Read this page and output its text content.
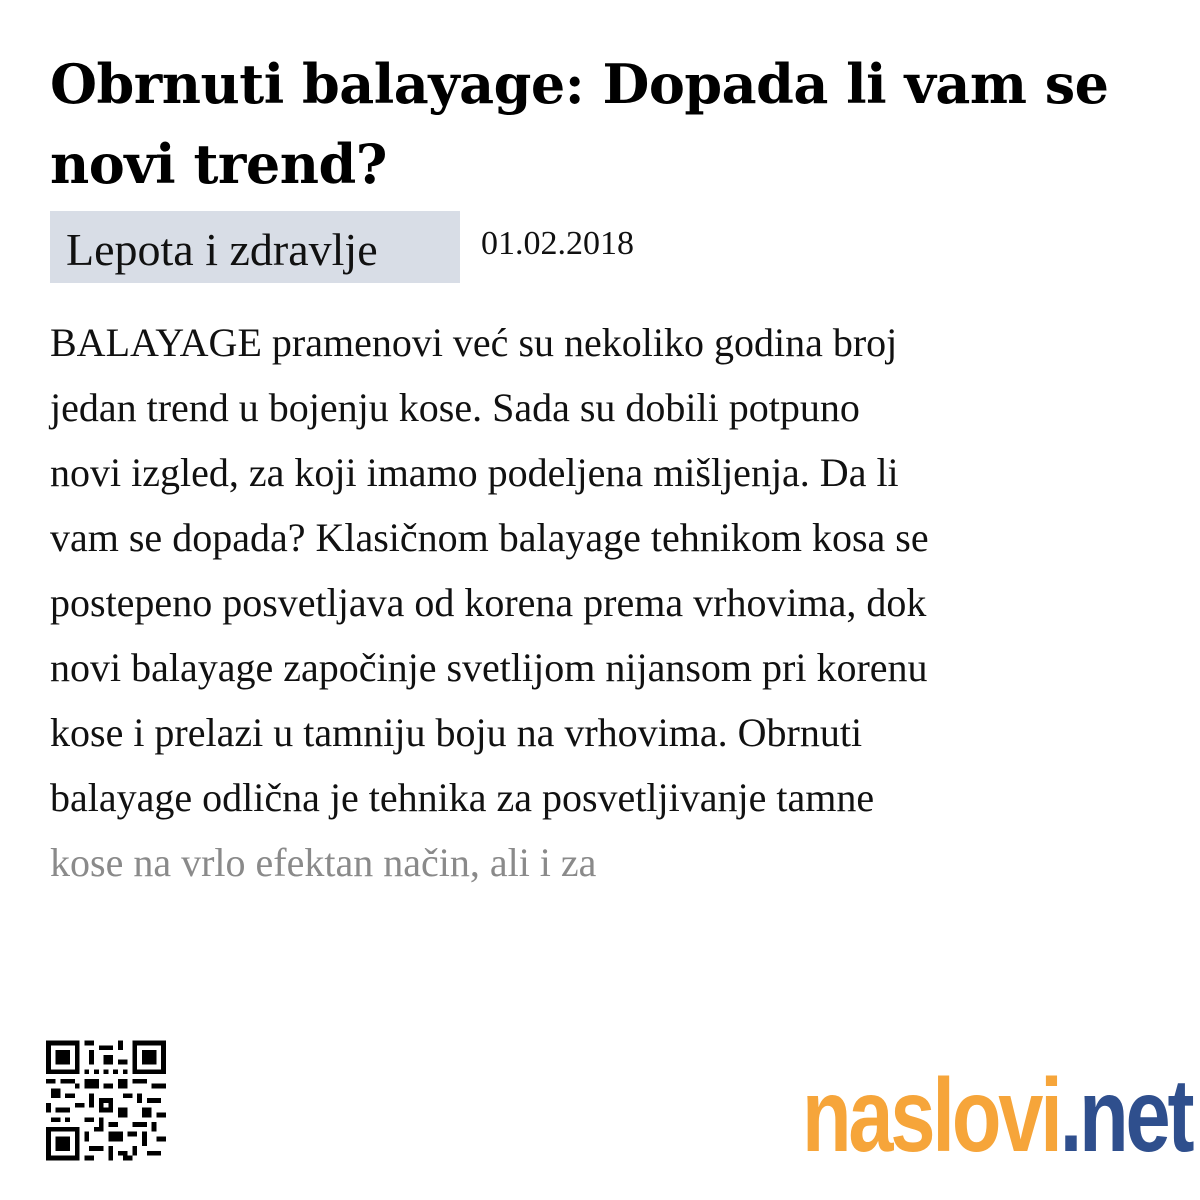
Obrnuti balayage: Dopada li vam se novi trend?
Lepota i zdravlje	01.02.2018
BALAYAGE pramenovi već su nekoliko godina broj
jedan trend u bojenju kose. Sada su dobili potpuno
novi izgled, za koji imamo podeljena mišljenja. Da li
vam se dopada? Klasičnom balayage tehnikom kosa se
postepeno posvetljava od korena prema vrhovima, dok
novi balayage započinje svetlijom nijansom pri korenu
kose i prelazi u tamniju boju na vrhovima. Obrnuti
balayage odlična je tehnika za posvetljivanje tamne
kose na vrlo efektan način, ali i za
naslovi.net
